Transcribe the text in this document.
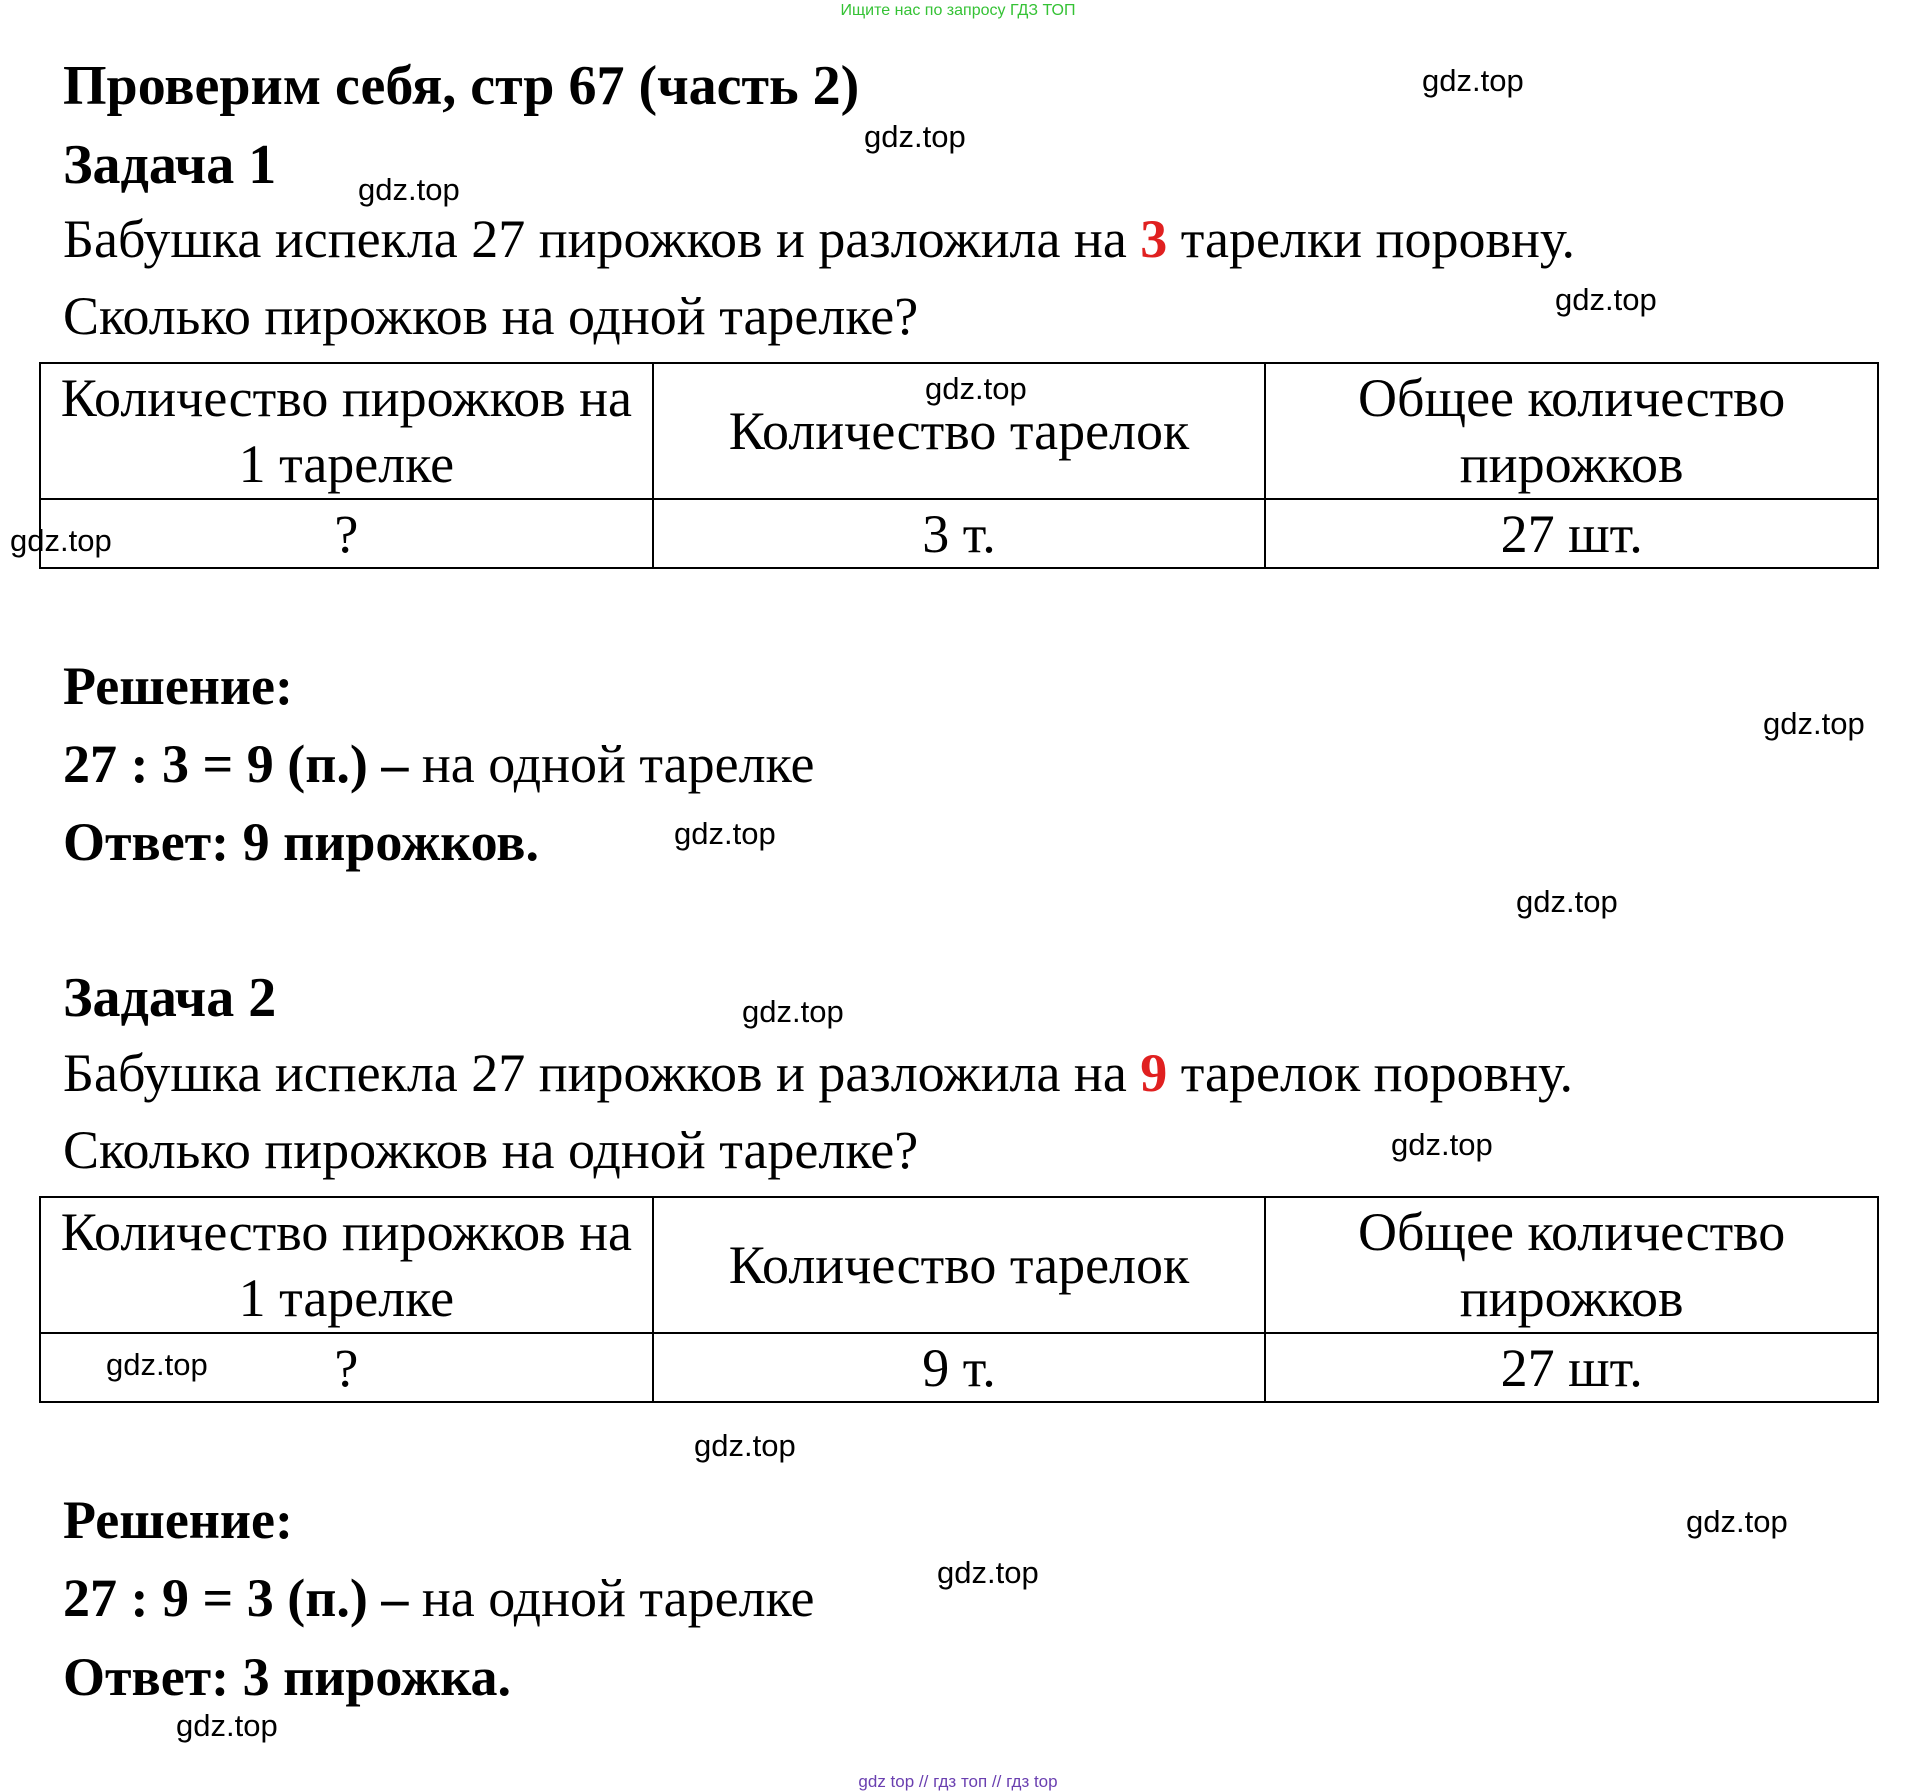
Ищите нас по запросу ГДЗ ТОП
Проверим себя, стр 67 (часть 2)
Задача 1
Бабушка испекла 27 пирожков и разложила на 3 тарелки поровну.
Сколько пирожков на одной тарелке?
Количество пирожков на 1 тарелке	Количество тарелок	Общее количество пирожков
?	3 т.	27 шт.
Решение:
27 : 3 = 9 (п.) – на одной тарелке
Ответ: 9 пирожков.
Задача 2
Бабушка испекла 27 пирожков и разложила на 9 тарелок поровну.
Сколько пирожков на одной тарелке?
Количество пирожков на 1 тарелке	Количество тарелок	Общее количество пирожков
?	9 т.	27 шт.
Решение:
27 : 9 = 3 (п.) – на одной тарелке
Ответ: 3 пирожка.
gdz.top
gdz.top
gdz.top
gdz.top
gdz.top
gdz.top
gdz.top
gdz.top
gdz.top
gdz.top
gdz.top
gdz.top
gdz.top
gdz.top
gdz.top
gdz.top
gdz top // гдз топ // гдз top
